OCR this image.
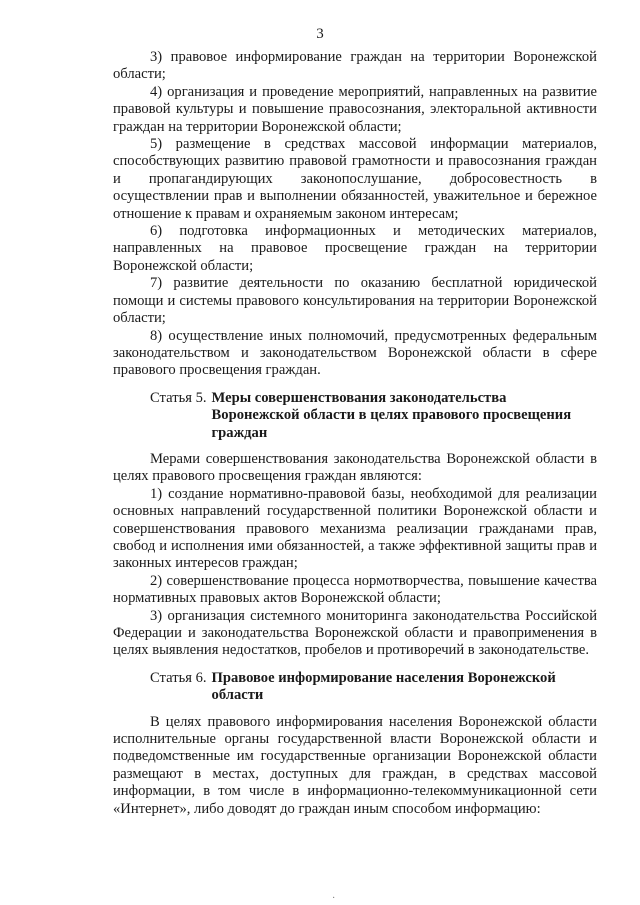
3

3) правовое информирование граждан на территории Воронежской области;

4) организация и проведение мероприятий, направленных на развитие правовой культуры и повышение правосознания, электоральной активности граждан на территории Воронежской области;

5) размещение в средствах массовой информации материалов, способствующих развитию правовой грамотности и правосознания граждан и пропагандирующих законопослушание, добросовестность в осуществлении прав и выполнении обязанностей, уважительное и бережное отношение к правам и охраняемым законом интересам;

6) подготовка информационных и методических материалов, направленных на правовое просвещение граждан на территории Воронежской области;

7) развитие деятельности по оказанию бесплатной юридической помощи и системы правового консультирования на территории Воронежской области;

8) осуществление иных полномочий, предусмотренных федеральным законодательством и законодательством Воронежской области в сфере правового просвещения граждан.

Статья 5. Меры совершенствования законодательства Воронежской области в целях правового просвещения граждан

Мерами совершенствования законодательства Воронежской области в целях правового просвещения граждан являются:

1) создание нормативно-правовой базы, необходимой для реализации основных направлений государственной политики Воронежской области и совершенствования правового механизма реализации гражданами прав, свобод и исполнения ими обязанностей, а также эффективной защиты прав и законных интересов граждан;

2) совершенствование процесса нормотворчества, повышение качества нормативных правовых актов Воронежской области;

3) организация системного мониторинга законодательства Российской Федерации и законодательства Воронежской области и правоприменения в целях выявления недостатков, пробелов и противоречий в законодательстве.

Статья 6. Правовое информирование населения Воронежской области

В целях правового информирования населения Воронежской области исполнительные органы государственной власти Воронежской области и подведомственные им государственные организации Воронежской области размещают в местах, доступных для граждан, в средствах массовой информации, в том числе в информационно-телекоммуникационной сети «Интернет», либо доводят до граждан иным способом информацию:

·
